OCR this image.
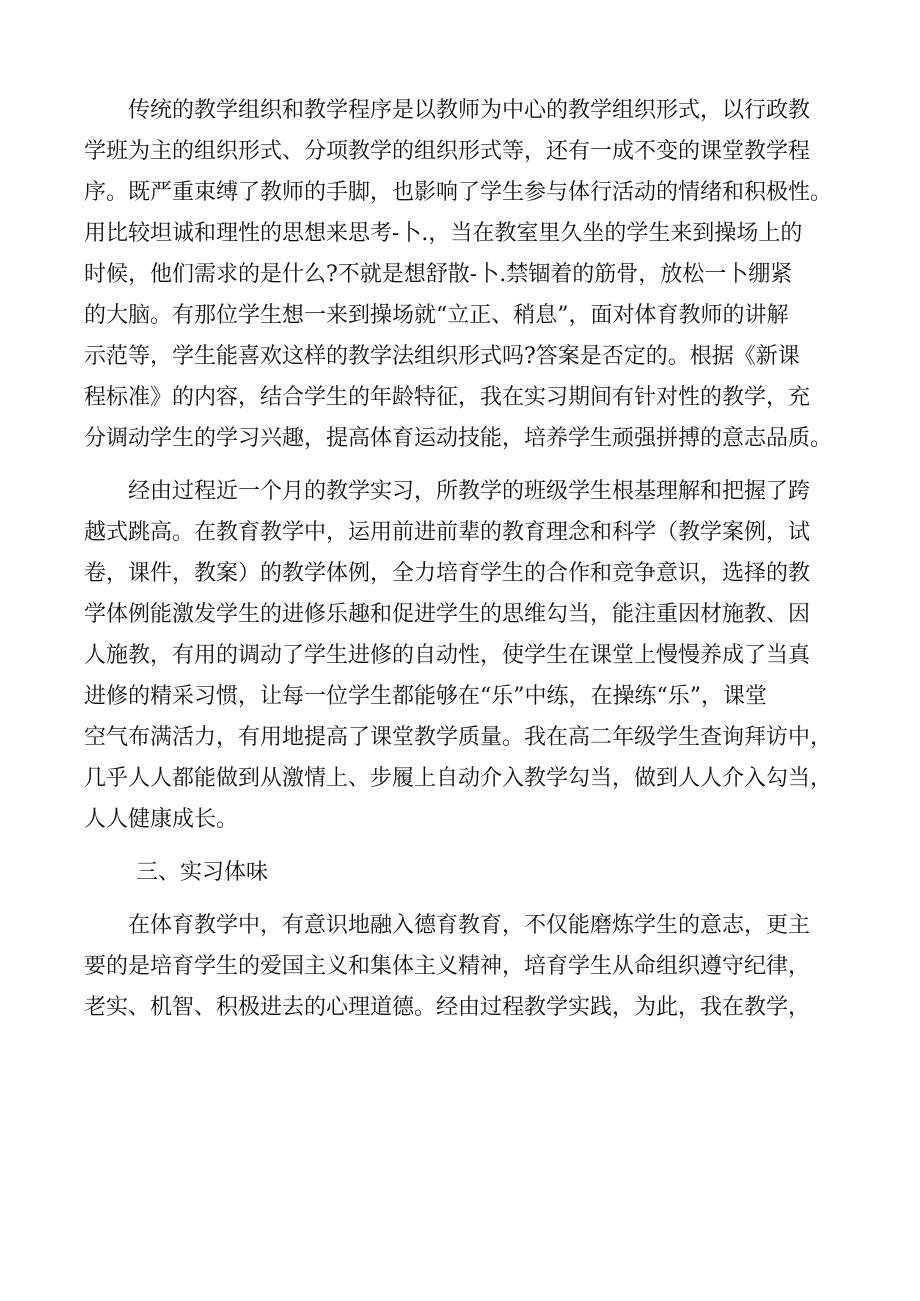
传统的教学组织和教学程序是以教师为中心的教学组织形式，以行政教
学班为主的组织形式、分项教学的组织形式等，还有一成不变的课堂教学程
序。既严重束缚了教师的手脚，也影响了学生参与体行活动的情绪和积极性。
用比较坦诚和理性的思想来思考-卜.，当在教室里久坐的学生来到操场上的
时候，他们需求的是什么?不就是想舒散-卜.禁锢着的筋骨，放松一卜绷紧
的大脑。有那位学生想一来到操场就“立正、稍息”，面对体育教师的讲解
示范等，学生能喜欢这样的教学法组织形式吗?答案是否定的。根据《新课
程标准》的内容，结合学生的年龄特征，我在实习期间有针对性的教学，充
分调动学生的学习兴趣，提高体育运动技能，培养学生顽强拼搏的意志品质。
经由过程近一个月的教学实习，所教学的班级学生根基理解和把握了跨
越式跳高。在教育教学中，运用前进前辈的教育理念和科学（教学案例，试
卷，课件，教案）的教学体例，全力培育学生的合作和竞争意识，选择的教
学体例能激发学生的进修乐趣和促进学生的思维勾当，能注重因材施教、因
人施教，有用的调动了学生进修的自动性，使学生在课堂上慢慢养成了当真
进修的精采习惯，让每一位学生都能够在“乐”中练，在操练“乐”，课堂
空气布满活力，有用地提高了课堂教学质量。我在高二年级学生查询拜访中，
几乎人人都能做到从激情上、步履上自动介入教学勾当，做到人人介入勾当，
人人健康成长。
三、实习体味
在体育教学中，有意识地融入德育教育，不仅能磨炼学生的意志，更主
要的是培育学生的爱国主义和集体主义精神，培育学生从命组织遵守纪律，
老实、机智、积极进去的心理道德。经由过程教学实践，为此，我在教学，
